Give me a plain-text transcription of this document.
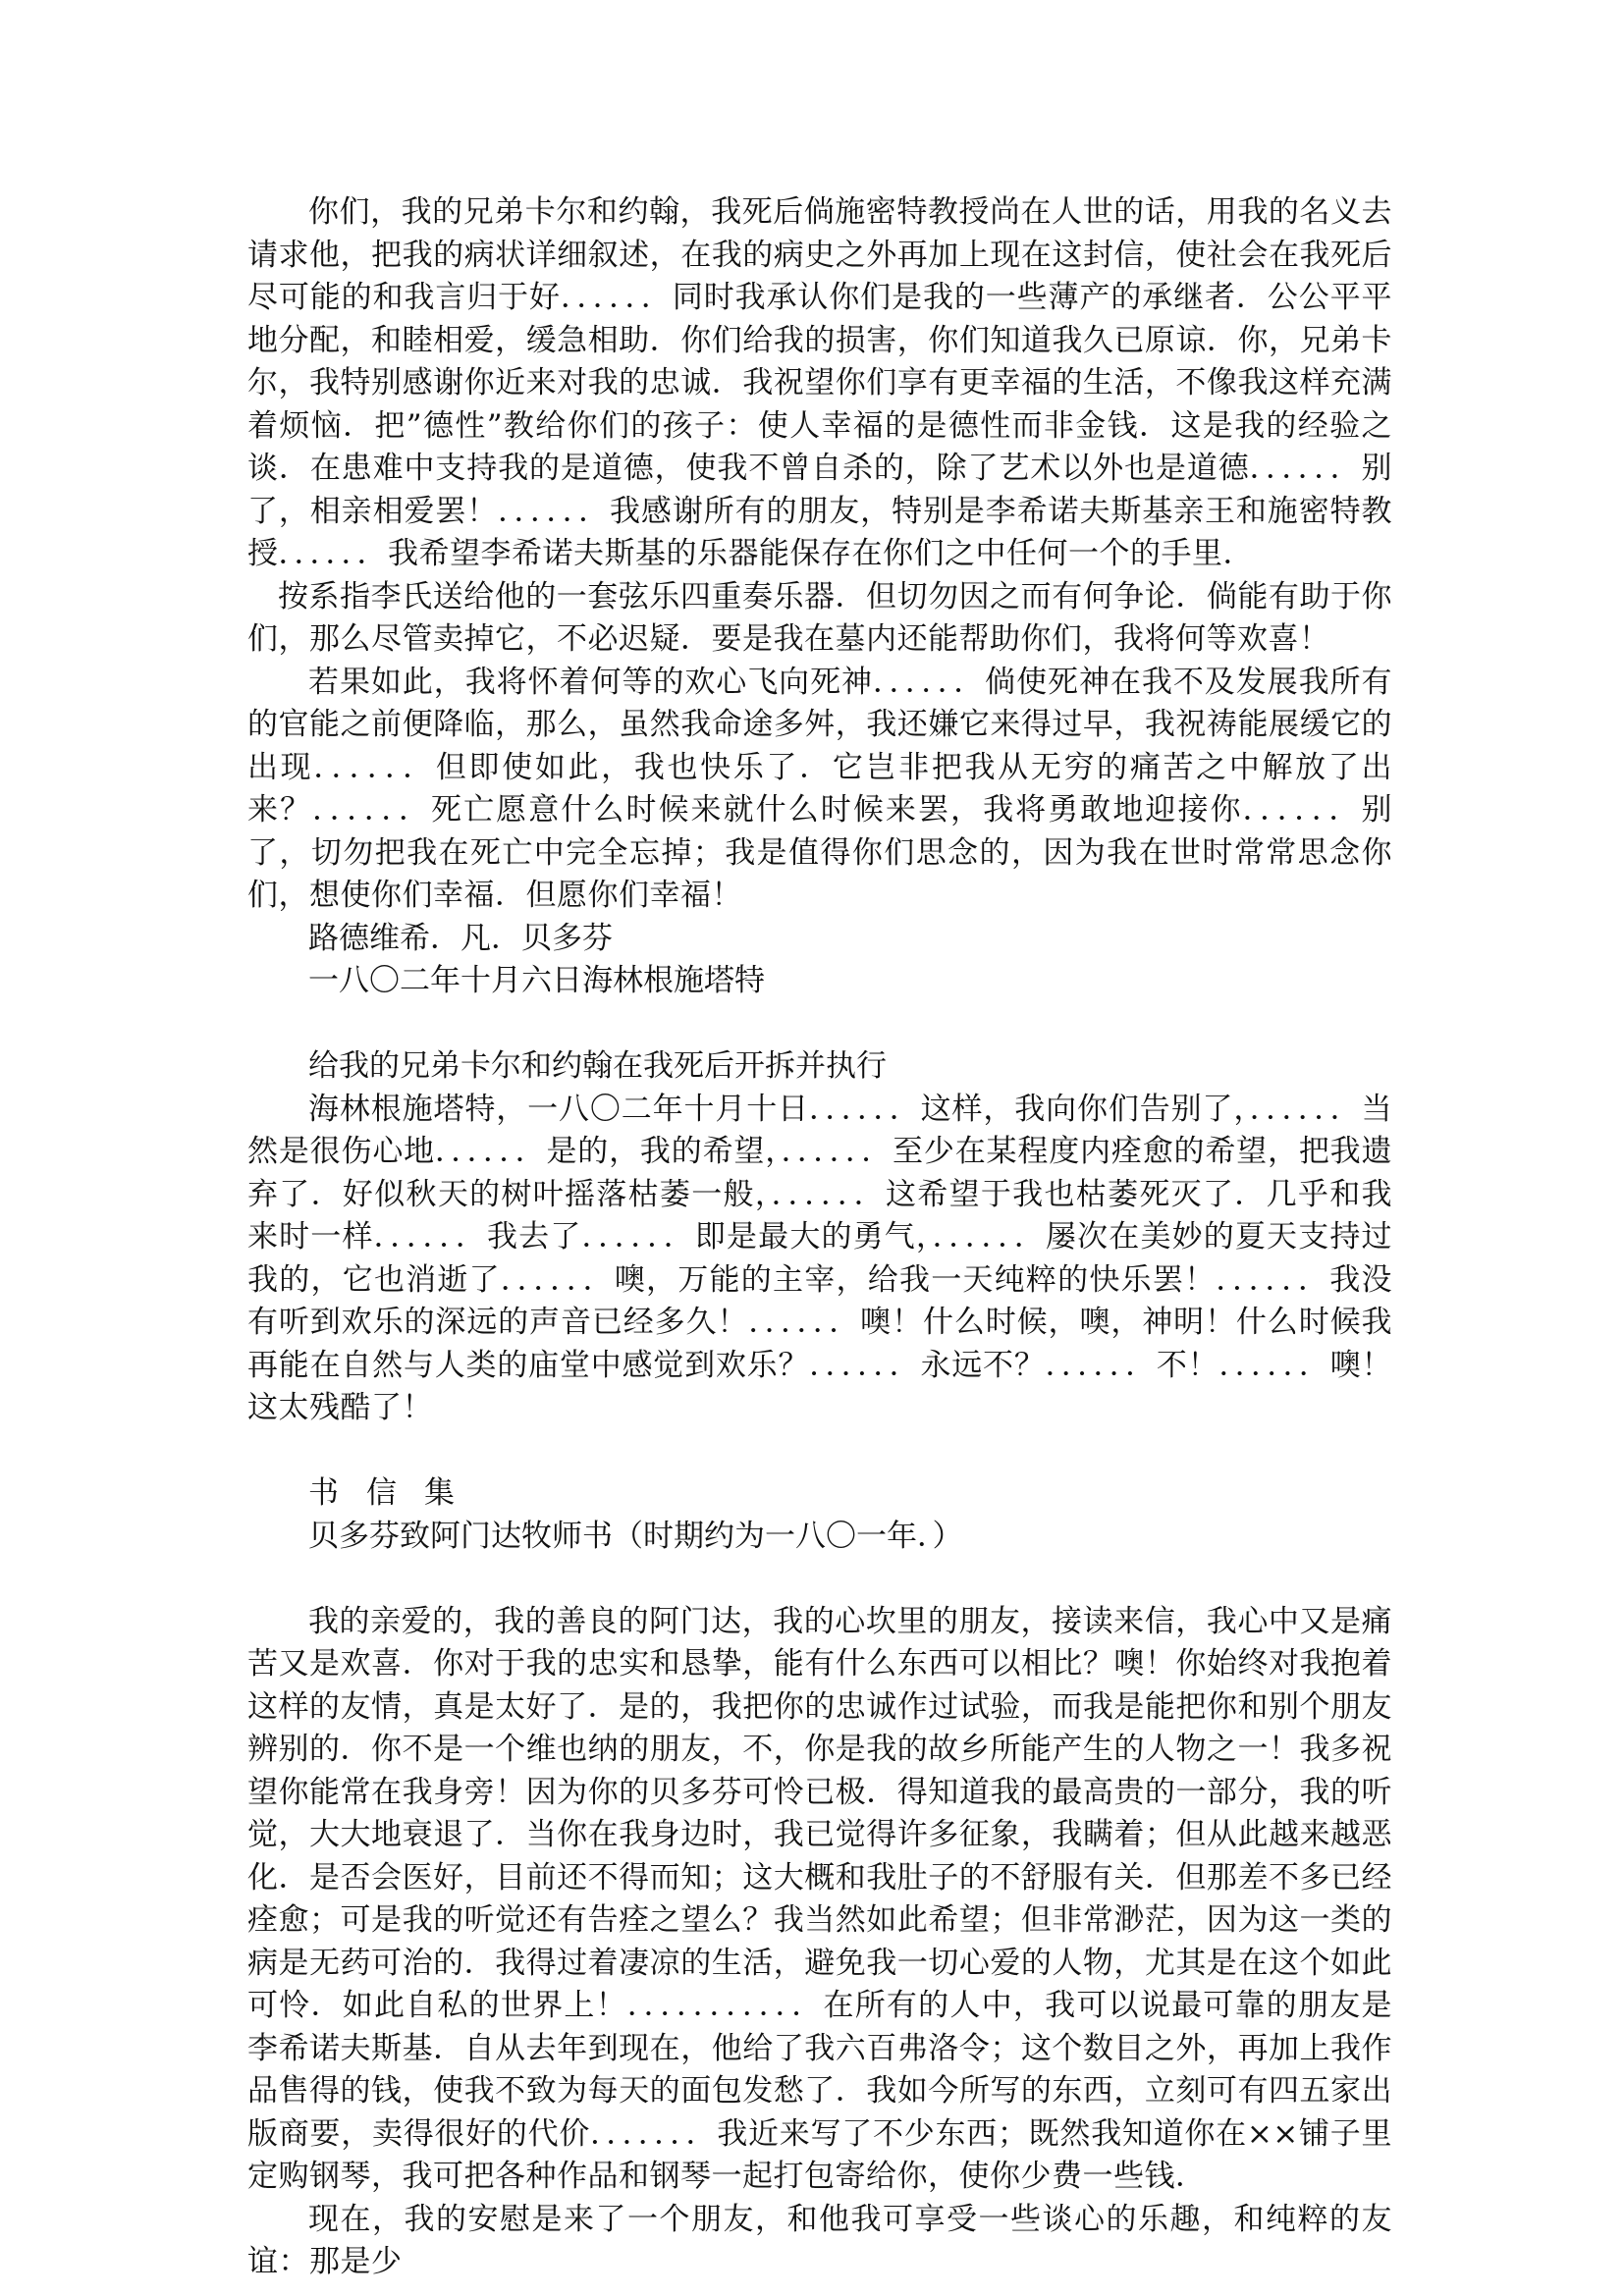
你们，我的兄弟卡尔和约翰，我死后倘施密特教授尚在人世的话，用我的名义去请求他，把我的病状详细叙述，在我的病史之外再加上现在这封信，使社会在我死后尽可能的和我言归于好．．．．．．同时我承认你们是我的一些薄产的承继者．公公平平地分配，和睦相爱，缓急相助．你们给我的损害，你们知道我久已原谅．你，兄弟卡尔，我特别感谢你近来对我的忠诚．我祝望你们享有更幸福的生活，不像我这样充满着烦恼．把”德性”教给你们的孩子：使人幸福的是德性而非金钱．这是我的经验之谈．在患难中支持我的是道德，使我不曾自杀的，除了艺术以外也是道德．．．．．．别了，相亲相爱罢！．．．．．．我感谢所有的朋友，特别是李希诺夫斯基亲王和施密特教授．．．．．．我希望李希诺夫斯基的乐器能保存在你们之中任何一个的手里．

按系指李氏送给他的一套弦乐四重奏乐器．但切勿因之而有何争论．倘能有助于你们，那么尽管卖掉它，不必迟疑．要是我在墓内还能帮助你们，我将何等欢喜！

若果如此，我将怀着何等的欢心飞向死神．．．．．．倘使死神在我不及发展我所有的官能之前便降临，那么，虽然我命途多舛，我还嫌它来得过早，我祝祷能展缓它的出现．．．．．．但即使如此，我也快乐了．它岂非把我从无穷的痛苦之中解放了出来？．．．．．．死亡愿意什么时候来就什么时候来罢，我将勇敢地迎接你．．．．．．别了，切勿把我在死亡中完全忘掉；我是值得你们思念的，因为我在世时常常思念你们，想使你们幸福．但愿你们幸福！

路德维希．凡．贝多芬

一八〇二年十月六日海林根施塔特

给我的兄弟卡尔和约翰在我死后开拆并执行

海林根施塔特，一八〇二年十月十日．．．．．．这样，我向你们告别了，．．．．．．当然是很伤心地．．．．．．是的，我的希望，．．．．．．至少在某程度内痊愈的希望，把我遗弃了．好似秋天的树叶摇落枯萎一般，．．．．．．这希望于我也枯萎死灭了．几乎和我来时一样．．．．．．我去了．．．．．．即是最大的勇气，．．．．．．屡次在美妙的夏天支持过我的，它也消逝了．．．．．．噢，万能的主宰，给我一天纯粹的快乐罢！．．．．．．我没有听到欢乐的深远的声音已经多久！．．．．．．噢！什么时候，噢，神明！什么时候我再能在自然与人类的庙堂中感觉到欢乐？．．．．．．永远不？．．．．．．不！．．．．．．噢！这太残酷了！

书信集

贝多芬致阿门达牧师书（时期约为一八〇一年．）

我的亲爱的，我的善良的阿门达，我的心坎里的朋友，接读来信，我心中又是痛苦又是欢喜．你对于我的忠实和恳挚，能有什么东西可以相比？噢！你始终对我抱着这样的友情，真是太好了．是的，我把你的忠诚作过试验，而我是能把你和别个朋友辨别的．你不是一个维也纳的朋友，不，你是我的故乡所能产生的人物之一！我多祝望你能常在我身旁！因为你的贝多芬可怜已极．得知道我的最高贵的一部分，我的听觉，大大地衰退了．当你在我身边时，我已觉得许多征象，我瞒着；但从此越来越恶化．是否会医好，目前还不得而知；这大概和我肚子的不舒服有关．但那差不多已经痊愈；可是我的听觉还有告痊之望么？我当然如此希望；但非常渺茫，因为这一类的病是无药可治的．我得过着凄凉的生活，避免我一切心爱的人物，尤其是在这个如此可怜．如此自私的世界上！．．．．．．．．．．．在所有的人中，我可以说最可靠的朋友是李希诺夫斯基．自从去年到现在，他给了我六百弗洛令；这个数目之外，再加上我作品售得的钱，使我不致为每天的面包发愁了．我如今所写的东西，立刻可有四五家出版商要，卖得很好的代价．．．．．．．我近来写了不少东西；既然我知道你在××铺子里定购钢琴，我可把各种作品和钢琴一起打包寄给你，使你少费一些钱．

现在，我的安慰是来了一个朋友，和他我可享受一些谈心的乐趣，和纯粹的友谊：那是少
